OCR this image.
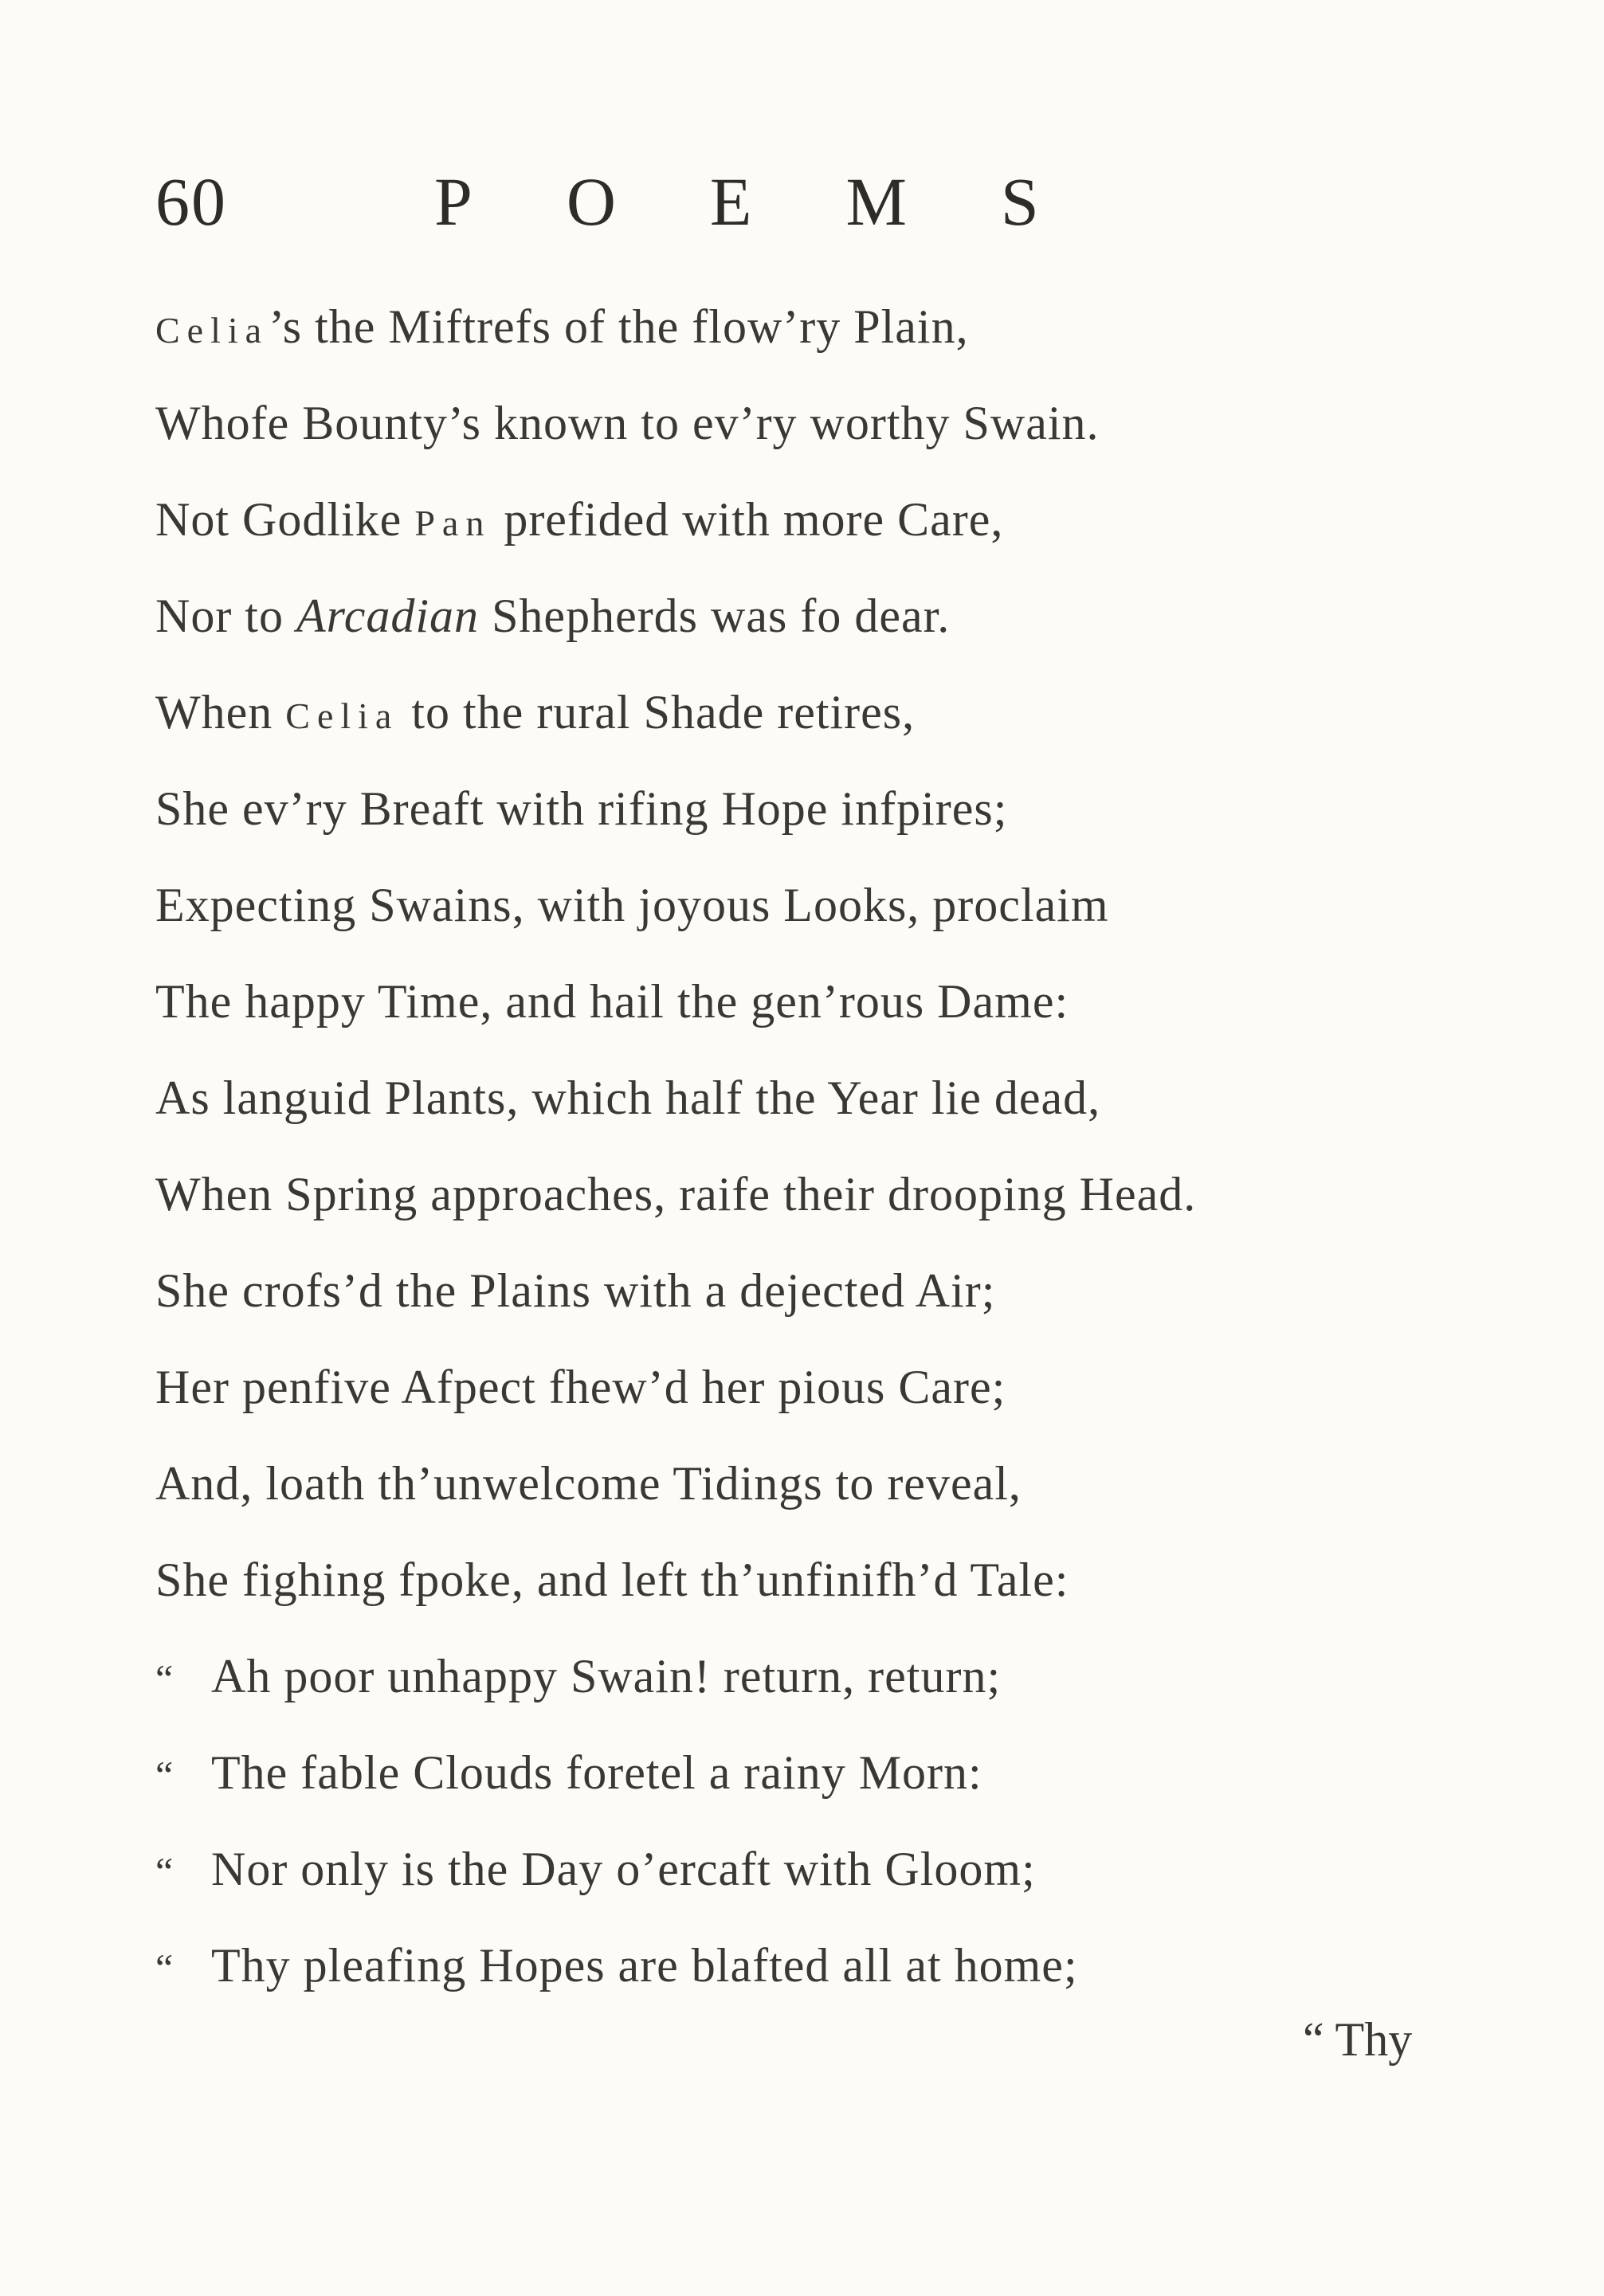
60	POEMS
Celia’s the Miftrefs of the flow’ry Plain,
Whofe Bounty’s known to ev’ry worthy Swain.
Not Godlike Pan prefided with more Care,
Nor to Arcadian Shepherds was fo dear.
When Celia to the rural Shade retires,
She ev’ry Breaft with rifing Hope infpires;
Expecting Swains, with joyous Looks, proclaim
The happy Time, and hail the gen’rous Dame:
As languid Plants, which half the Year lie dead,
When Spring approaches, raife their drooping Head.
She crofs’d the Plains with a dejected Air;
Her penfive Afpect fhew’d her pious Care;
And, loath th’unwelcome Tidings to reveal,
She fighing fpoke, and left th’unfinifh’d Tale:
“ Ah poor unhappy Swain! return, return;
“ The fable Clouds foretel a rainy Morn:
“ Nor only is the Day o’ercaft with Gloom;
“ Thy pleafing Hopes are blafted all at home;
“ Thy
